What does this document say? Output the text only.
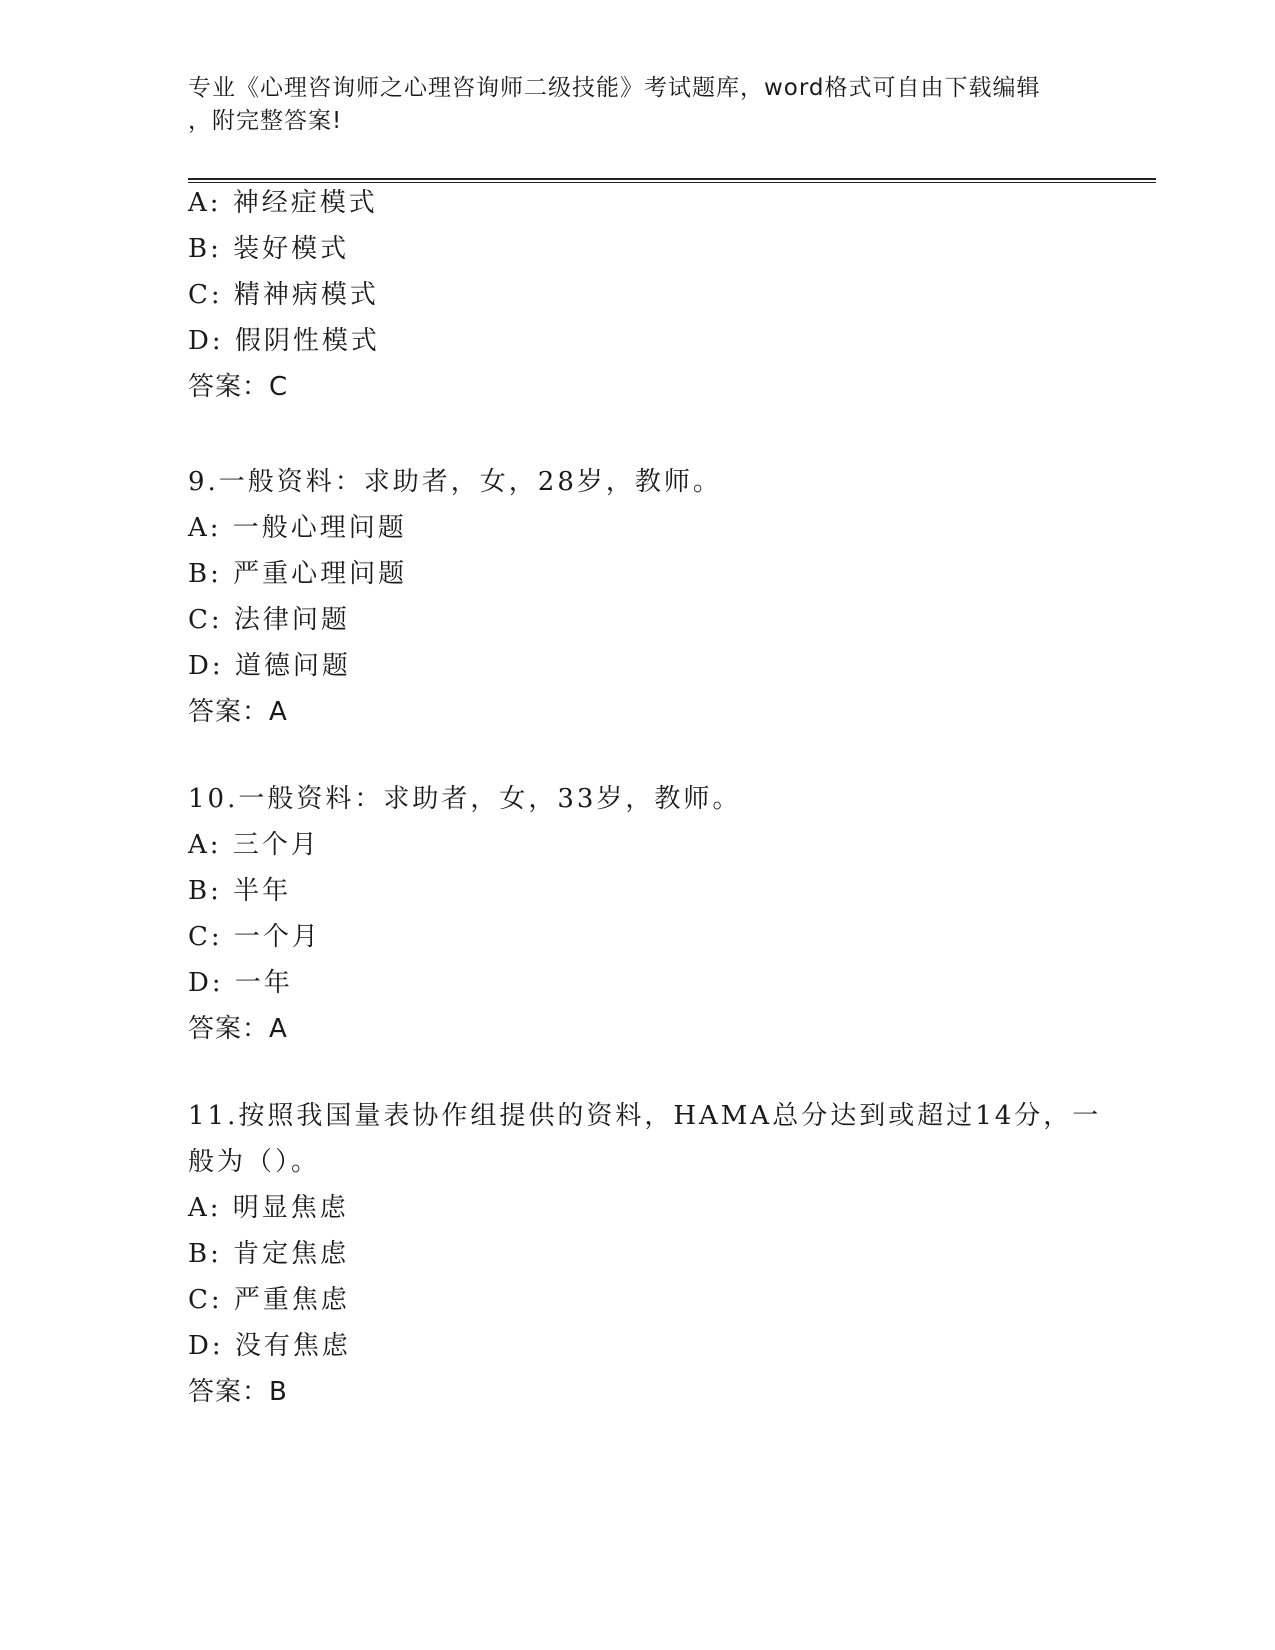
专业《心理咨询师之心理咨询师二级技能》考试题库，word格式可自由下载编辑
，附完整答案!
A: 神经症模式
B: 装好模式
C: 精神病模式
D: 假阴性模式
答案：C
9.一般资料：求助者，女，28岁，教师。
A: 一般心理问题
B: 严重心理问题
C: 法律问题
D: 道德问题
答案：A
10.一般资料：求助者，女，33岁，教师。
A: 三个月
B: 半年
C: 一个月
D: 一年
答案：A
11.按照我国量表协作组提供的资料，HAMA总分达到或超过14分，一
般为（）。
A: 明显焦虑
B: 肯定焦虑
C: 严重焦虑
D: 没有焦虑
答案：B
